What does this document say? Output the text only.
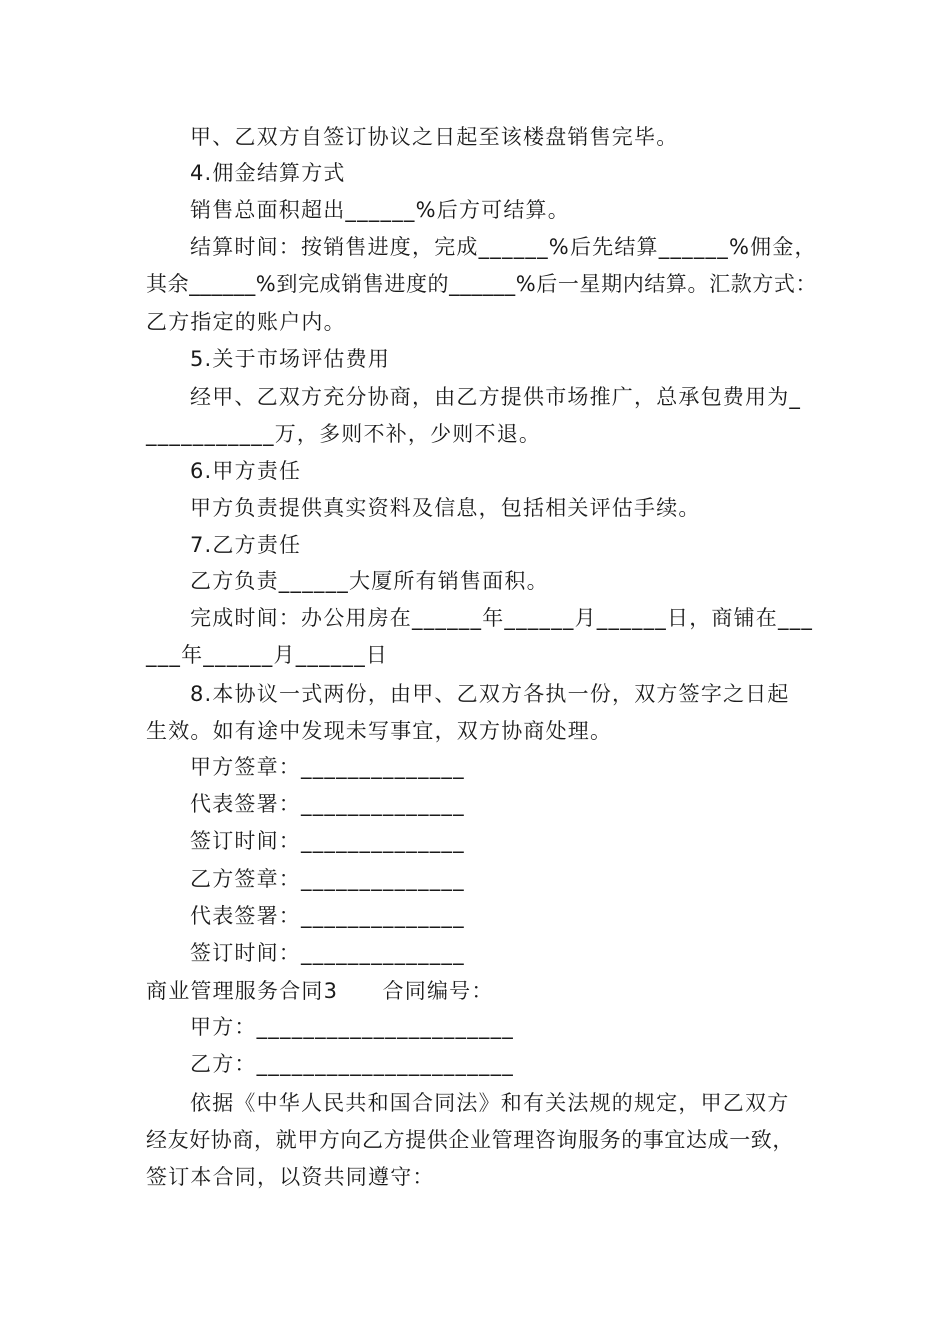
甲、乙双方自签订协议之日起至该楼盘销售完毕。
4.佣金结算方式
销售总面积超出______%后方可结算。
结算时间：按销售进度，完成______%后先结算______%佣金，
其余______%到完成销售进度的______%后一星期内结算。汇款方式：
乙方指定的账户内。
5.关于市场评估费用
经甲、乙双方充分协商，由乙方提供市场推广，总承包费用为_
___________万，多则不补，少则不退。
6.甲方责任
甲方负责提供真实资料及信息，包括相关评估手续。
7.乙方责任
乙方负责______大厦所有销售面积。
完成时间：办公用房在______年______月______日，商铺在___
___年______月______日
8.本协议一式两份，由甲、乙双方各执一份，双方签字之日起
生效。如有途中发现未写事宜，双方协商处理。
甲方签章：______________
代表签署：______________
签订时间：______________
乙方签章：______________
代表签署：______________
签订时间：______________
商业管理服务合同3　　合同编号：
甲方：______________________
乙方：______________________
依据《中华人民共和国合同法》和有关法规的规定，甲乙双方
经友好协商，就甲方向乙方提供企业管理咨询服务的事宜达成一致，
签订本合同，以资共同遵守：
